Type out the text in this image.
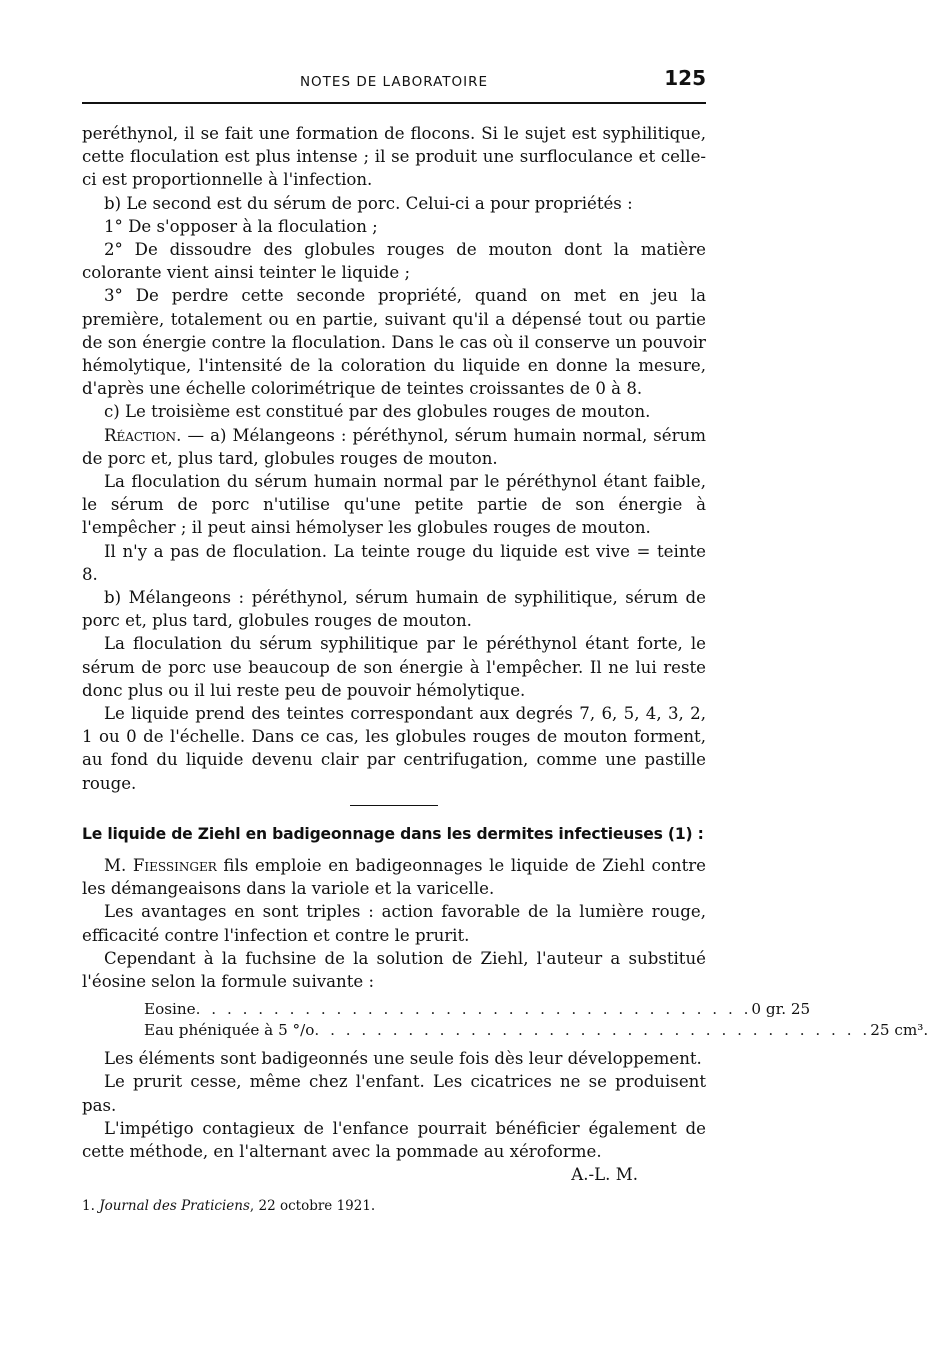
NOTES DE LABORATOIRE	125

peréthynol, il se fait une formation de flocons. Si le sujet est syphilitique, cette floculation est plus intense ; il se produit une surfloculance et celle-ci est proportionnelle à l'infection.

b) Le second est du sérum de porc. Celui-ci a pour propriétés :

1° De s'opposer à la floculation ;

2° De dissoudre des globules rouges de mouton dont la matière colorante vient ainsi teinter le liquide ;

3° De perdre cette seconde propriété, quand on met en jeu la première, totalement ou en partie, suivant qu'il a dépensé tout ou partie de son énergie contre la floculation. Dans le cas où il conserve un pouvoir hémolytique, l'intensité de la coloration du liquide en donne la mesure, d'après une échelle colorimétrique de teintes croissantes de 0 à 8.

c) Le troisième est constitué par des globules rouges de mouton.

Réaction. — a) Mélangeons : péréthynol, sérum humain normal, sérum de porc et, plus tard, globules rouges de mouton.

La floculation du sérum humain normal par le péréthynol étant faible, le sérum de porc n'utilise qu'une petite partie de son énergie à l'empêcher ; il peut ainsi hémolyser les globules rouges de mouton.

Il n'y a pas de floculation. La teinte rouge du liquide est vive = teinte 8.

b) Mélangeons : péréthynol, sérum humain de syphilitique, sérum de porc et, plus tard, globules rouges de mouton.

La floculation du sérum syphilitique par le péréthynol étant forte, le sérum de porc use beaucoup de son énergie à l'empêcher. Il ne lui reste donc plus ou il lui reste peu de pouvoir hémolytique.

Le liquide prend des teintes correspondant aux degrés 7, 6, 5, 4, 3, 2, 1 ou 0 de l'échelle. Dans ce cas, les globules rouges de mouton forment, au fond du liquide devenu clair par centrifugation, comme une pastille rouge.

Le liquide de Ziehl en badigeonnage dans les dermites infectieuses (1) :

M. Fiessinger fils emploie en badigeonnages le liquide de Ziehl contre les démangeaisons dans la variole et la varicelle.

Les avantages en sont triples : action favorable de la lumière rouge, efficacité contre l'infection et contre le prurit.

Cependant à la fuchsine de la solution de Ziehl, l'auteur a substitué l'éosine selon la formule suivante :

Eosine . . . . . . . . . . . . . . . . . . . . . . . . . . . . . . . . . . . . 0 gr. 25
Eau phéniquée à 5 °/o . . . . . . . . . . . . . . . . . . . . . . . . . . . . . . . . . . . . 25 cm³.

Les éléments sont badigeonnés une seule fois dès leur développement.

Le prurit cesse, même chez l'enfant. Les cicatrices ne se produisent pas.

L'impétigo contagieux de l'enfance pourrait bénéficier également de cette méthode, en l'alternant avec la pommade au xéroforme.

A.-L. M.

1. Journal des Praticiens, 22 octobre 1921.
